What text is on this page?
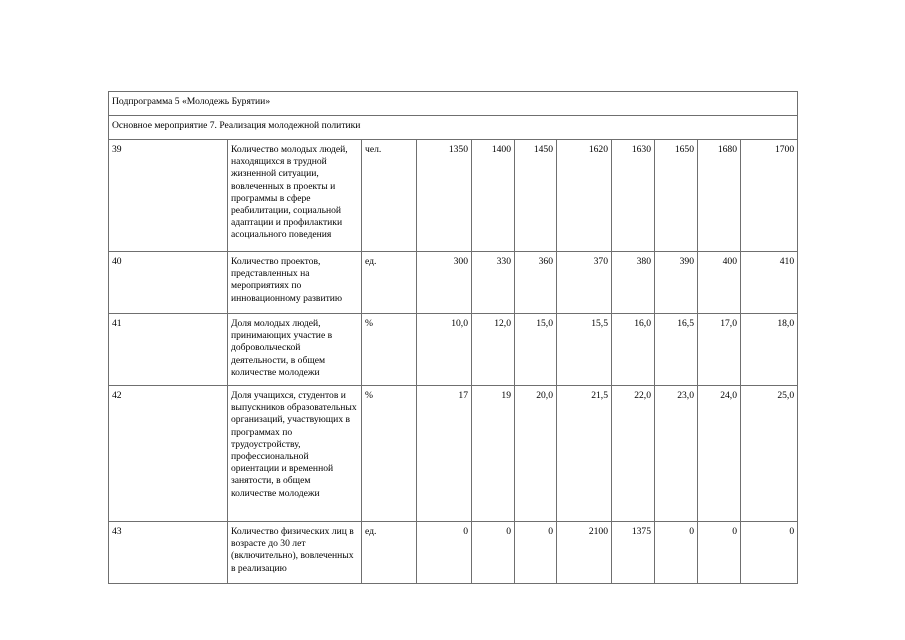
Подпрограмма 5 «Молодежь Бурятии»										
Основное мероприятие 7. Реализация молодежной политики										
39	Количество молодых людей, находящихся в трудной жизненной ситуации, вовлеченных в проекты и программы в сфере реабилитации, социальной адаптации и профилактики асоциального поведения	чел.	1350	1400	1450	1620	1630	1650	1680	1700
40	Количество проектов, представленных на мероприятиях по инновационному развитию	ед.	300	330	360	370	380	390	400	410
41	Доля молодых людей, принимающих участие в добровольческой деятельности, в общем количестве молодежи	%	10,0	12,0	15,0	15,5	16,0	16,5	17,0	18,0
42	Доля учащихся, студентов и выпускников образовательных организаций, участвующих в программах по трудоустройству, профессиональной ориентации и временной занятости, в общем количестве молодежи	%	17	19	20,0	21,5	22,0	23,0	24,0	25,0
43	Количество физических лиц в возрасте до 30 лет (включительно), вовлеченных в реализацию	ед.	0	0	0	2100	1375	0	0	0
